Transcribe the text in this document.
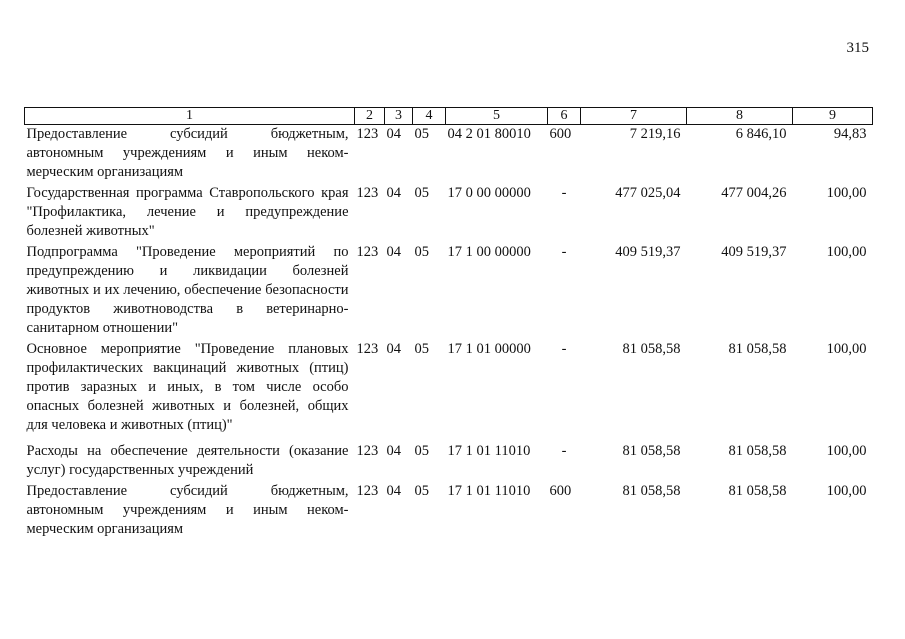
315
1	2	3	4	5	6	7	8	9
Предоставление субсидий бюджетным, автономным учреждениям и иным неком-мерческим организациям	123	04	05	04 2 01 80010	600	7 219,16	6 846,10	94,83
Государственная программа Ставропольского края "Профилактика, лечение и предупреждение болезней животных"	123	04	05	17 0 00 00000	-	477 025,04	477 004,26	100,00
Подпрограмма "Проведение мероприятий по предупреждению и ликвидации болезней животных и их лечению, обеспечение безопасности продуктов животноводства в ветеринарно-санитарном отношении"	123	04	05	17 1 00 00000	-	409 519,37	409 519,37	100,00
Основное мероприятие "Проведение плановых профилактических вакцинаций животных (птиц) против заразных и иных, в том числе особо опасных болезней животных и болезней, общих для человека и животных (птиц)"	123	04	05	17 1 01 00000	-	81 058,58	81 058,58	100,00
Расходы на обеспечение деятельности (оказание услуг) государственных учреждений	123	04	05	17 1 01 11010	-	81 058,58	81 058,58	100,00
Предоставление субсидий бюджетным, автономным учреждениям и иным неком-мерческим организациям	123	04	05	17 1 01 11010	600	81 058,58	81 058,58	100,00
